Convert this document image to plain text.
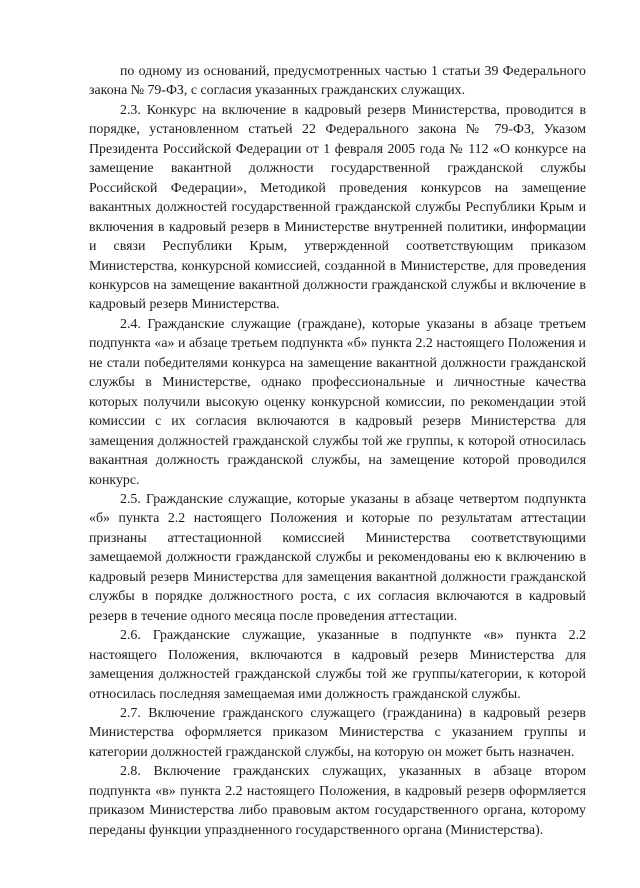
по одному из оснований, предусмотренных частью 1 статьи 39 Федерального закона № 79-ФЗ, с согласия указанных гражданских служащих.

2.3. Конкурс на включение в кадровый резерв Министерства, проводится в порядке, установленном статьей 22 Федерального закона № 79-ФЗ, Указом Президента Российской Федерации от 1 февраля 2005 года № 112 «О конкурсе на замещение вакантной должности государственной гражданской службы Российской Федерации», Методикой проведения конкурсов на замещение вакантных должностей государственной гражданской службы Республики Крым и включения в кадровый резерв в Министерстве внутренней политики, информации и связи Республики Крым, утвержденной соответствующим приказом Министерства, конкурсной комиссией, созданной в Министерстве, для проведения конкурсов на замещение вакантной должности гражданской службы и включение в кадровый резерв Министерства.

2.4. Гражданские служащие (граждане), которые указаны в абзаце третьем подпункта «а» и абзаце третьем подпункта «б» пункта 2.2 настоящего Положения и не стали победителями конкурса на замещение вакантной должности гражданской службы в Министерстве, однако профессиональные и личностные качества которых получили высокую оценку конкурсной комиссии, по рекомендации этой комиссии с их согласия включаются в кадровый резерв Министерства для замещения должностей гражданской службы той же группы, к которой относилась вакантная должность гражданской службы, на замещение которой проводился конкурс.

2.5. Гражданские служащие, которые указаны в абзаце четвертом подпункта «б» пункта 2.2 настоящего Положения и которые по результатам аттестации признаны аттестационной комиссией Министерства соответствующими замещаемой должности гражданской службы и рекомендованы ею к включению в кадровый резерв Министерства для замещения вакантной должности гражданской службы в порядке должностного роста, с их согласия включаются в кадровый резерв в течение одного месяца после проведения аттестации.

2.6. Гражданские служащие, указанные в подпункте «в» пункта 2.2 настоящего Положения, включаются в кадровый резерв Министерства для замещения должностей гражданской службы той же группы/категории, к которой относилась последняя замещаемая ими должность гражданской службы.

2.7. Включение гражданского служащего (гражданина) в кадровый резерв Министерства оформляется приказом Министерства с указанием группы и категории должностей гражданской службы, на которую он может быть назначен.

2.8. Включение гражданских служащих, указанных в абзаце втором подпункта «в» пункта 2.2 настоящего Положения, в кадровый резерв оформляется приказом Министерства либо правовым актом государственного органа, которому переданы функции упраздненного государственного органа (Министерства).
